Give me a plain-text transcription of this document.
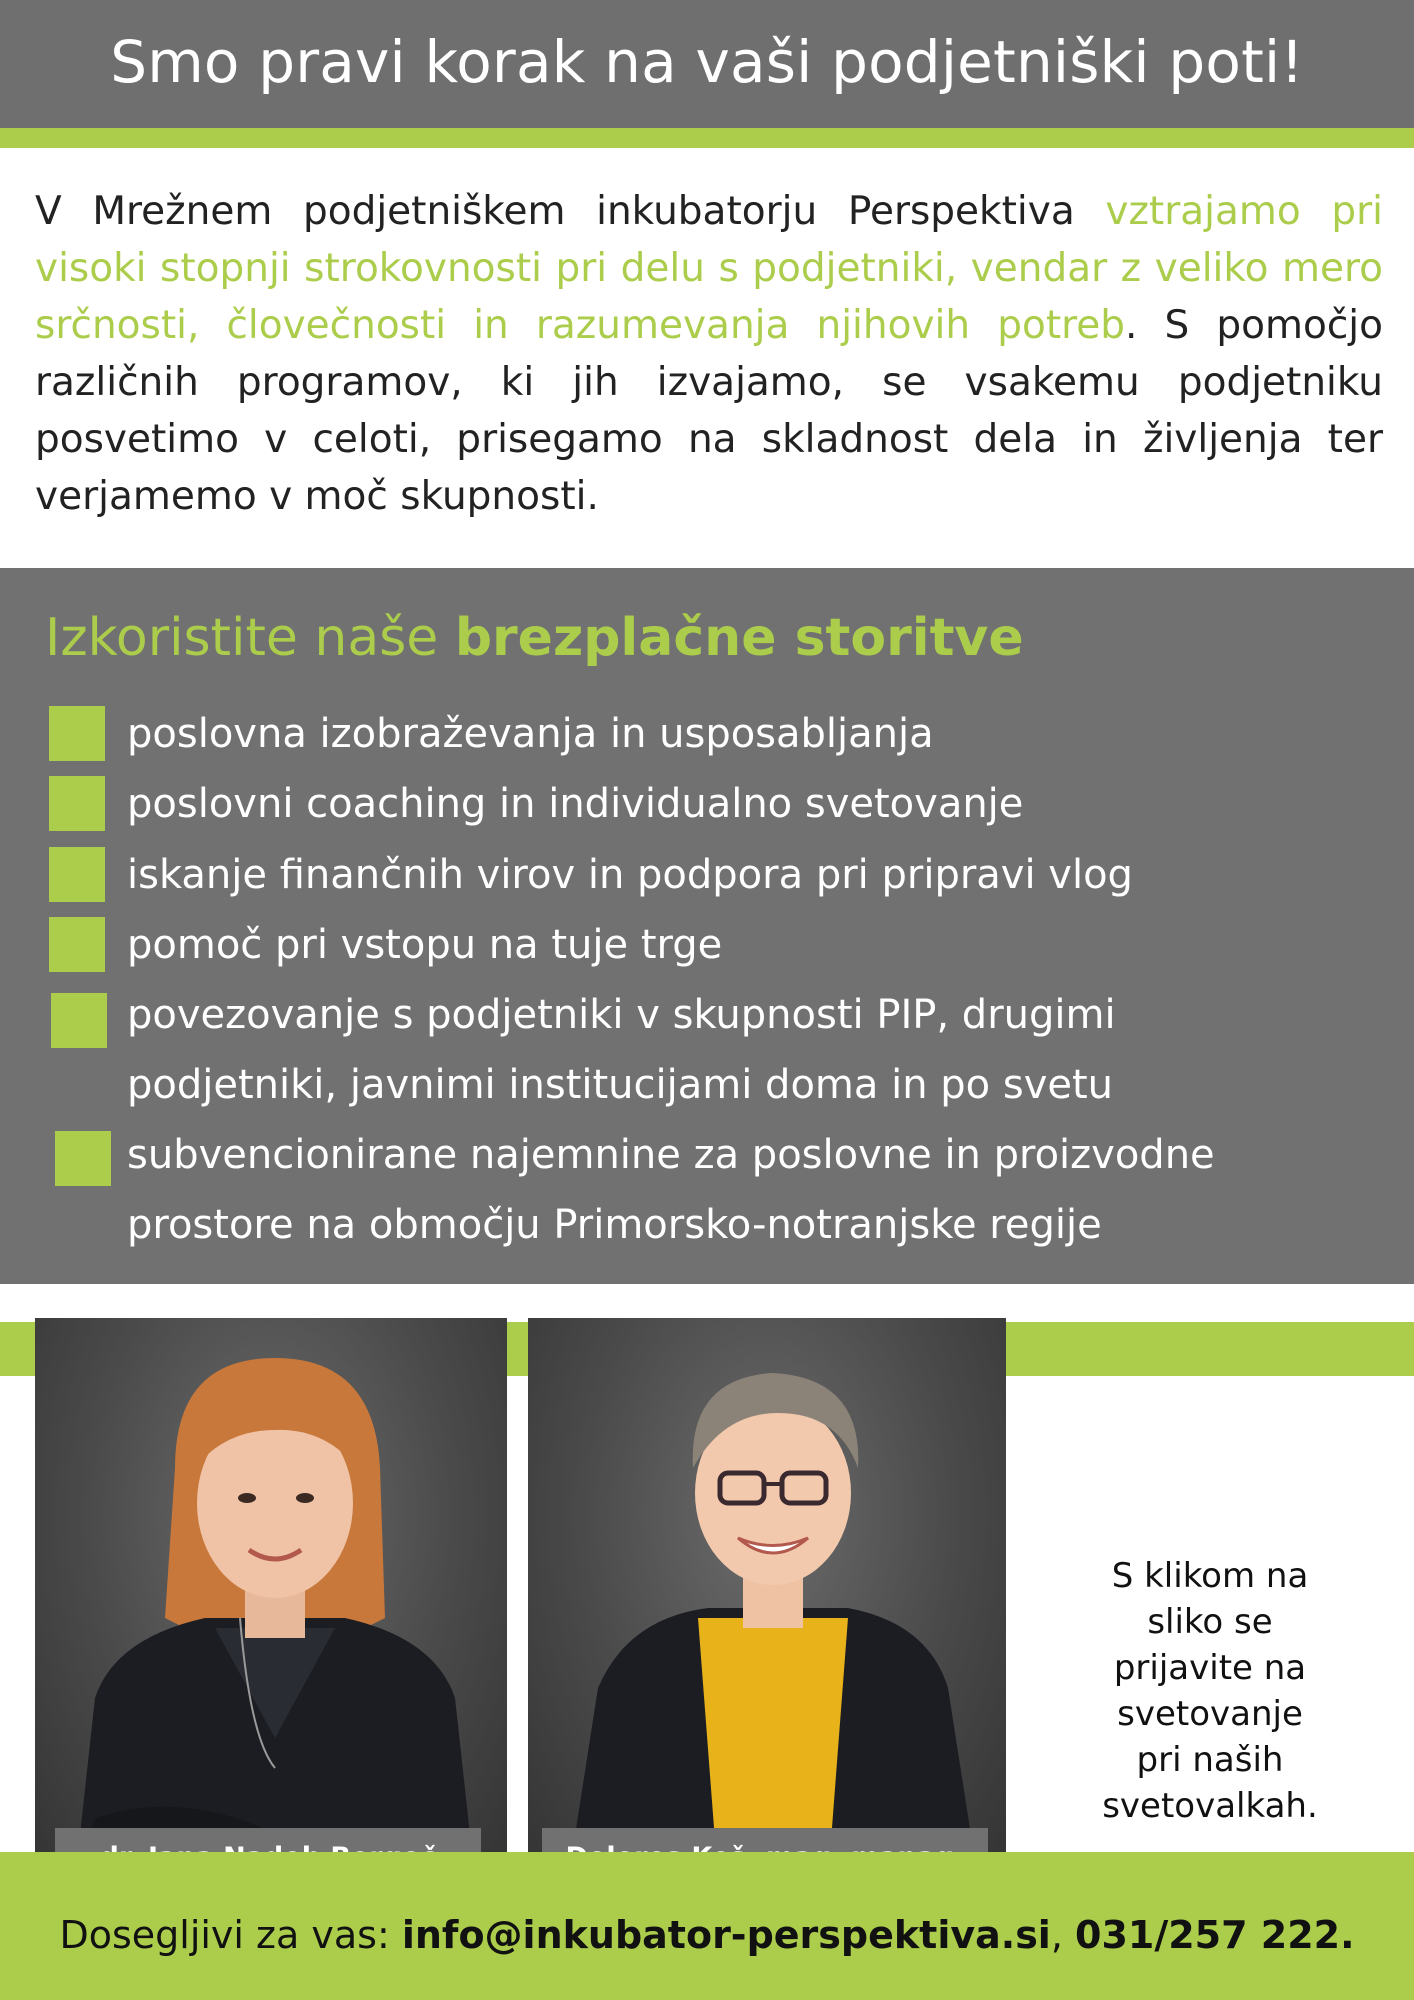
Smo pravi korak na vaši podjetniški poti!

V Mrežnem podjetniškem inkubatorju Perspektiva vztrajamo pri visoki stopnji strokovnosti pri delu s podjetniki, vendar z veliko mero srčnosti, človečnosti in razumevanja njihovih potreb. S pomočjo različnih programov, ki jih izvajamo, se vsakemu podjetniku posvetimo v celoti, prisegamo na skladnost dela in življenja ter verjamemo v moč skupnosti.

Izkoristite naše brezplačne storitve
poslovna izobraževanja in usposabljanja
poslovni coaching in individualno svetovanje
iskanje finančnih virov in podpora pri pripravi vlog
pomoč pri vstopu na tuje trge
povezovanje s podjetniki v skupnosti PIP, drugimi
podjetniki, javnimi institucijami doma in po svetu
subvencionirane najemnine za poslovne in proizvodne
prostore na območju Primorsko-notranjske regije
S klikom na
sliko se
prijavite na
svetovanje
pri naših
svetovalkah.
Dosegljivi za vas: info@inkubator-perspektiva.si, 031/257 222.
